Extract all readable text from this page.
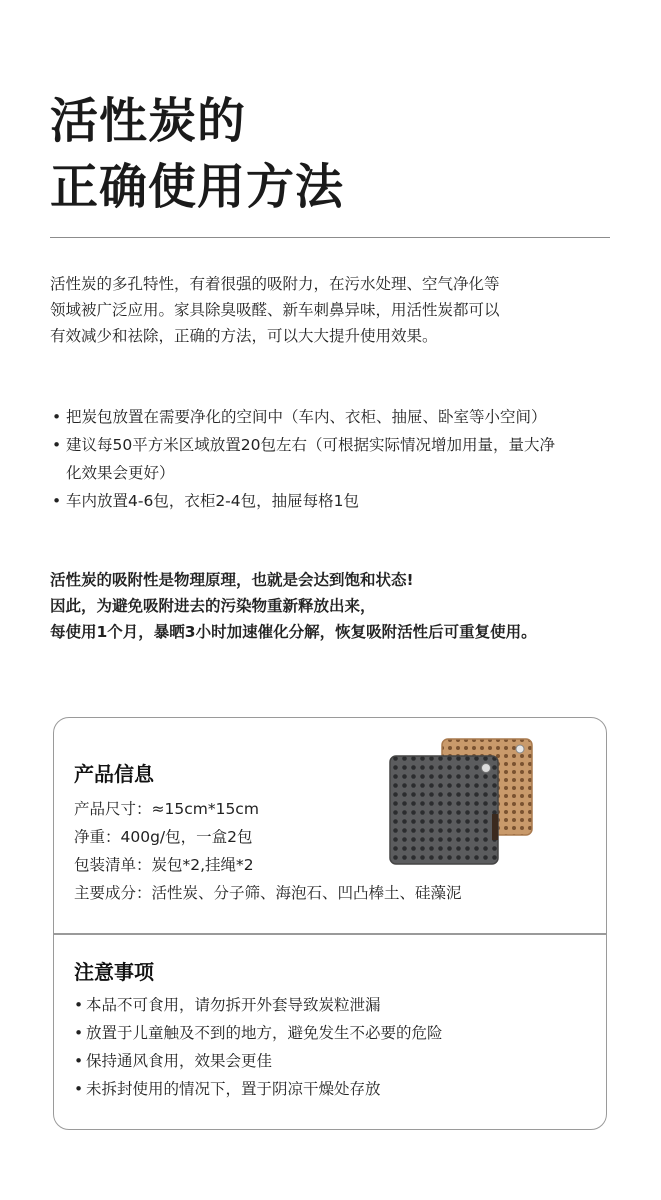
活性炭的
正确使用方法

活性炭的多孔特性，有着很强的吸附力，在污水处理、空气净化等
领域被广泛应用。家具除臭吸醛、新车刺鼻异味，用活性炭都可以
有效减少和祛除，正确的方法，可以大大提升使用效果。

• 把炭包放置在需要净化的空间中（车内、衣柜、抽屉、卧室等小空间）
• 建议每50平方米区域放置20包左右（可根据实际情况增加用量，量大净
化效果会更好）
• 车内放置4-6包，衣柜2-4包，抽屉每格1包

活性炭的吸附性是物理原理，也就是会达到饱和状态!
因此，为避免吸附进去的污染物重新释放出来，
每使用1个月，暴晒3小时加速催化分解，恢复吸附活性后可重复使用。

产品信息
产品尺寸：≈15cm*15cm
净重：400g/包，一盒2包
包装清单：炭包*2,挂绳*2
主要成分：活性炭、分子筛、海泡石、凹凸棒土、硅藻泥
注意事项
• 本品不可食用，请勿拆开外套导致炭粒泄漏
• 放置于儿童触及不到的地方，避免发生不必要的危险
• 保持通风食用，效果会更佳
• 未拆封使用的情况下，置于阴凉干燥处存放
